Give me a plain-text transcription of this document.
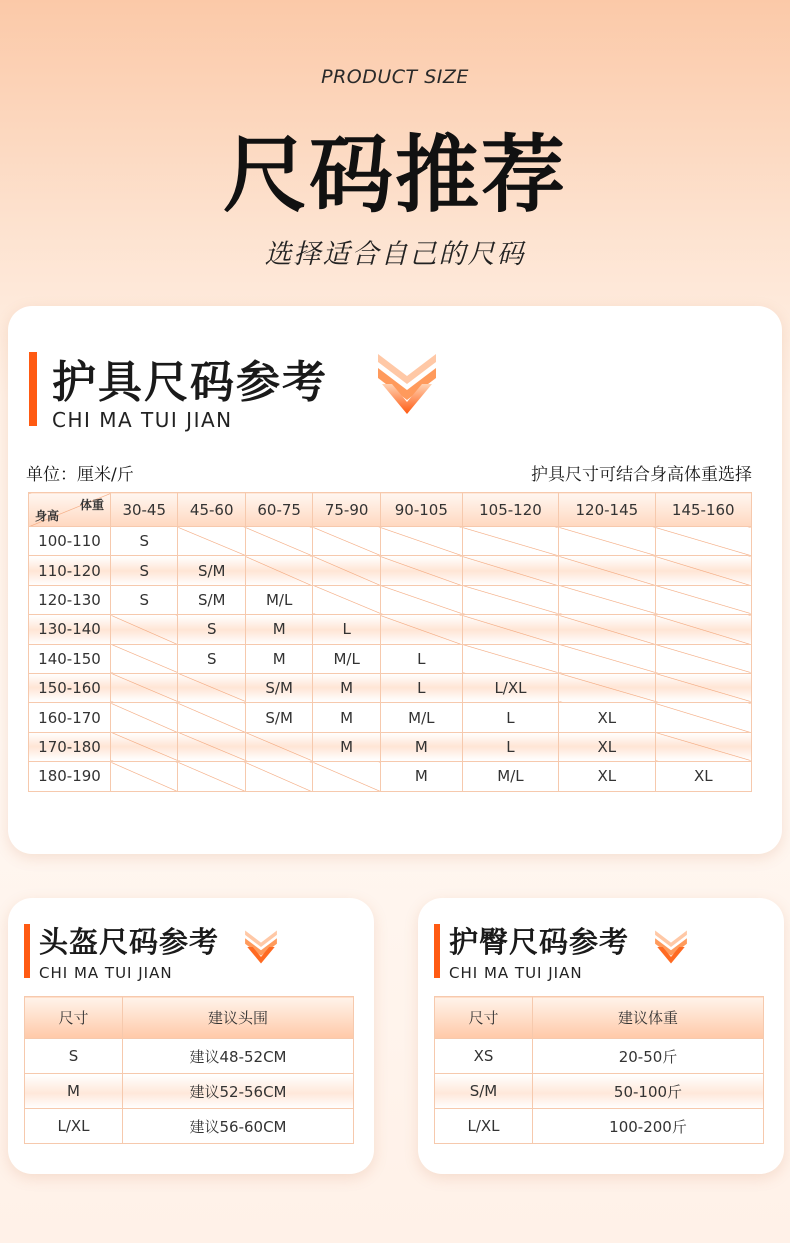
PRODUCT SIZE
尺码推荐
选择适合自己的尺码
护具尺码参考
CHI MA TUI JIAN
单位：厘米/斤	护具尺寸可结合身高体重选择
体重
身高	30-45	45-60	60-75	75-90	90-105	105-120	120-145	145-160
100-110	S							
110-120	S	S/M						
120-130	S	S/M	M/L					
130-140		S	M	L				
140-150		S	M	M/L	L			
150-160			S/M	M	L	L/XL		
160-170			S/M	M	M/L	L	XL	
170-180				M	M	L	XL	
180-190					M	M/L	XL	XL
头盔尺码参考
CHI MA TUI JIAN
尺寸	建议头围
S	建议48-52CM
M	建议52-56CM
L/XL	建议56-60CM
护臀尺码参考
CHI MA TUI JIAN
尺寸	建议体重
XS	20-50斤
S/M	50-100斤
L/XL	100-200斤
